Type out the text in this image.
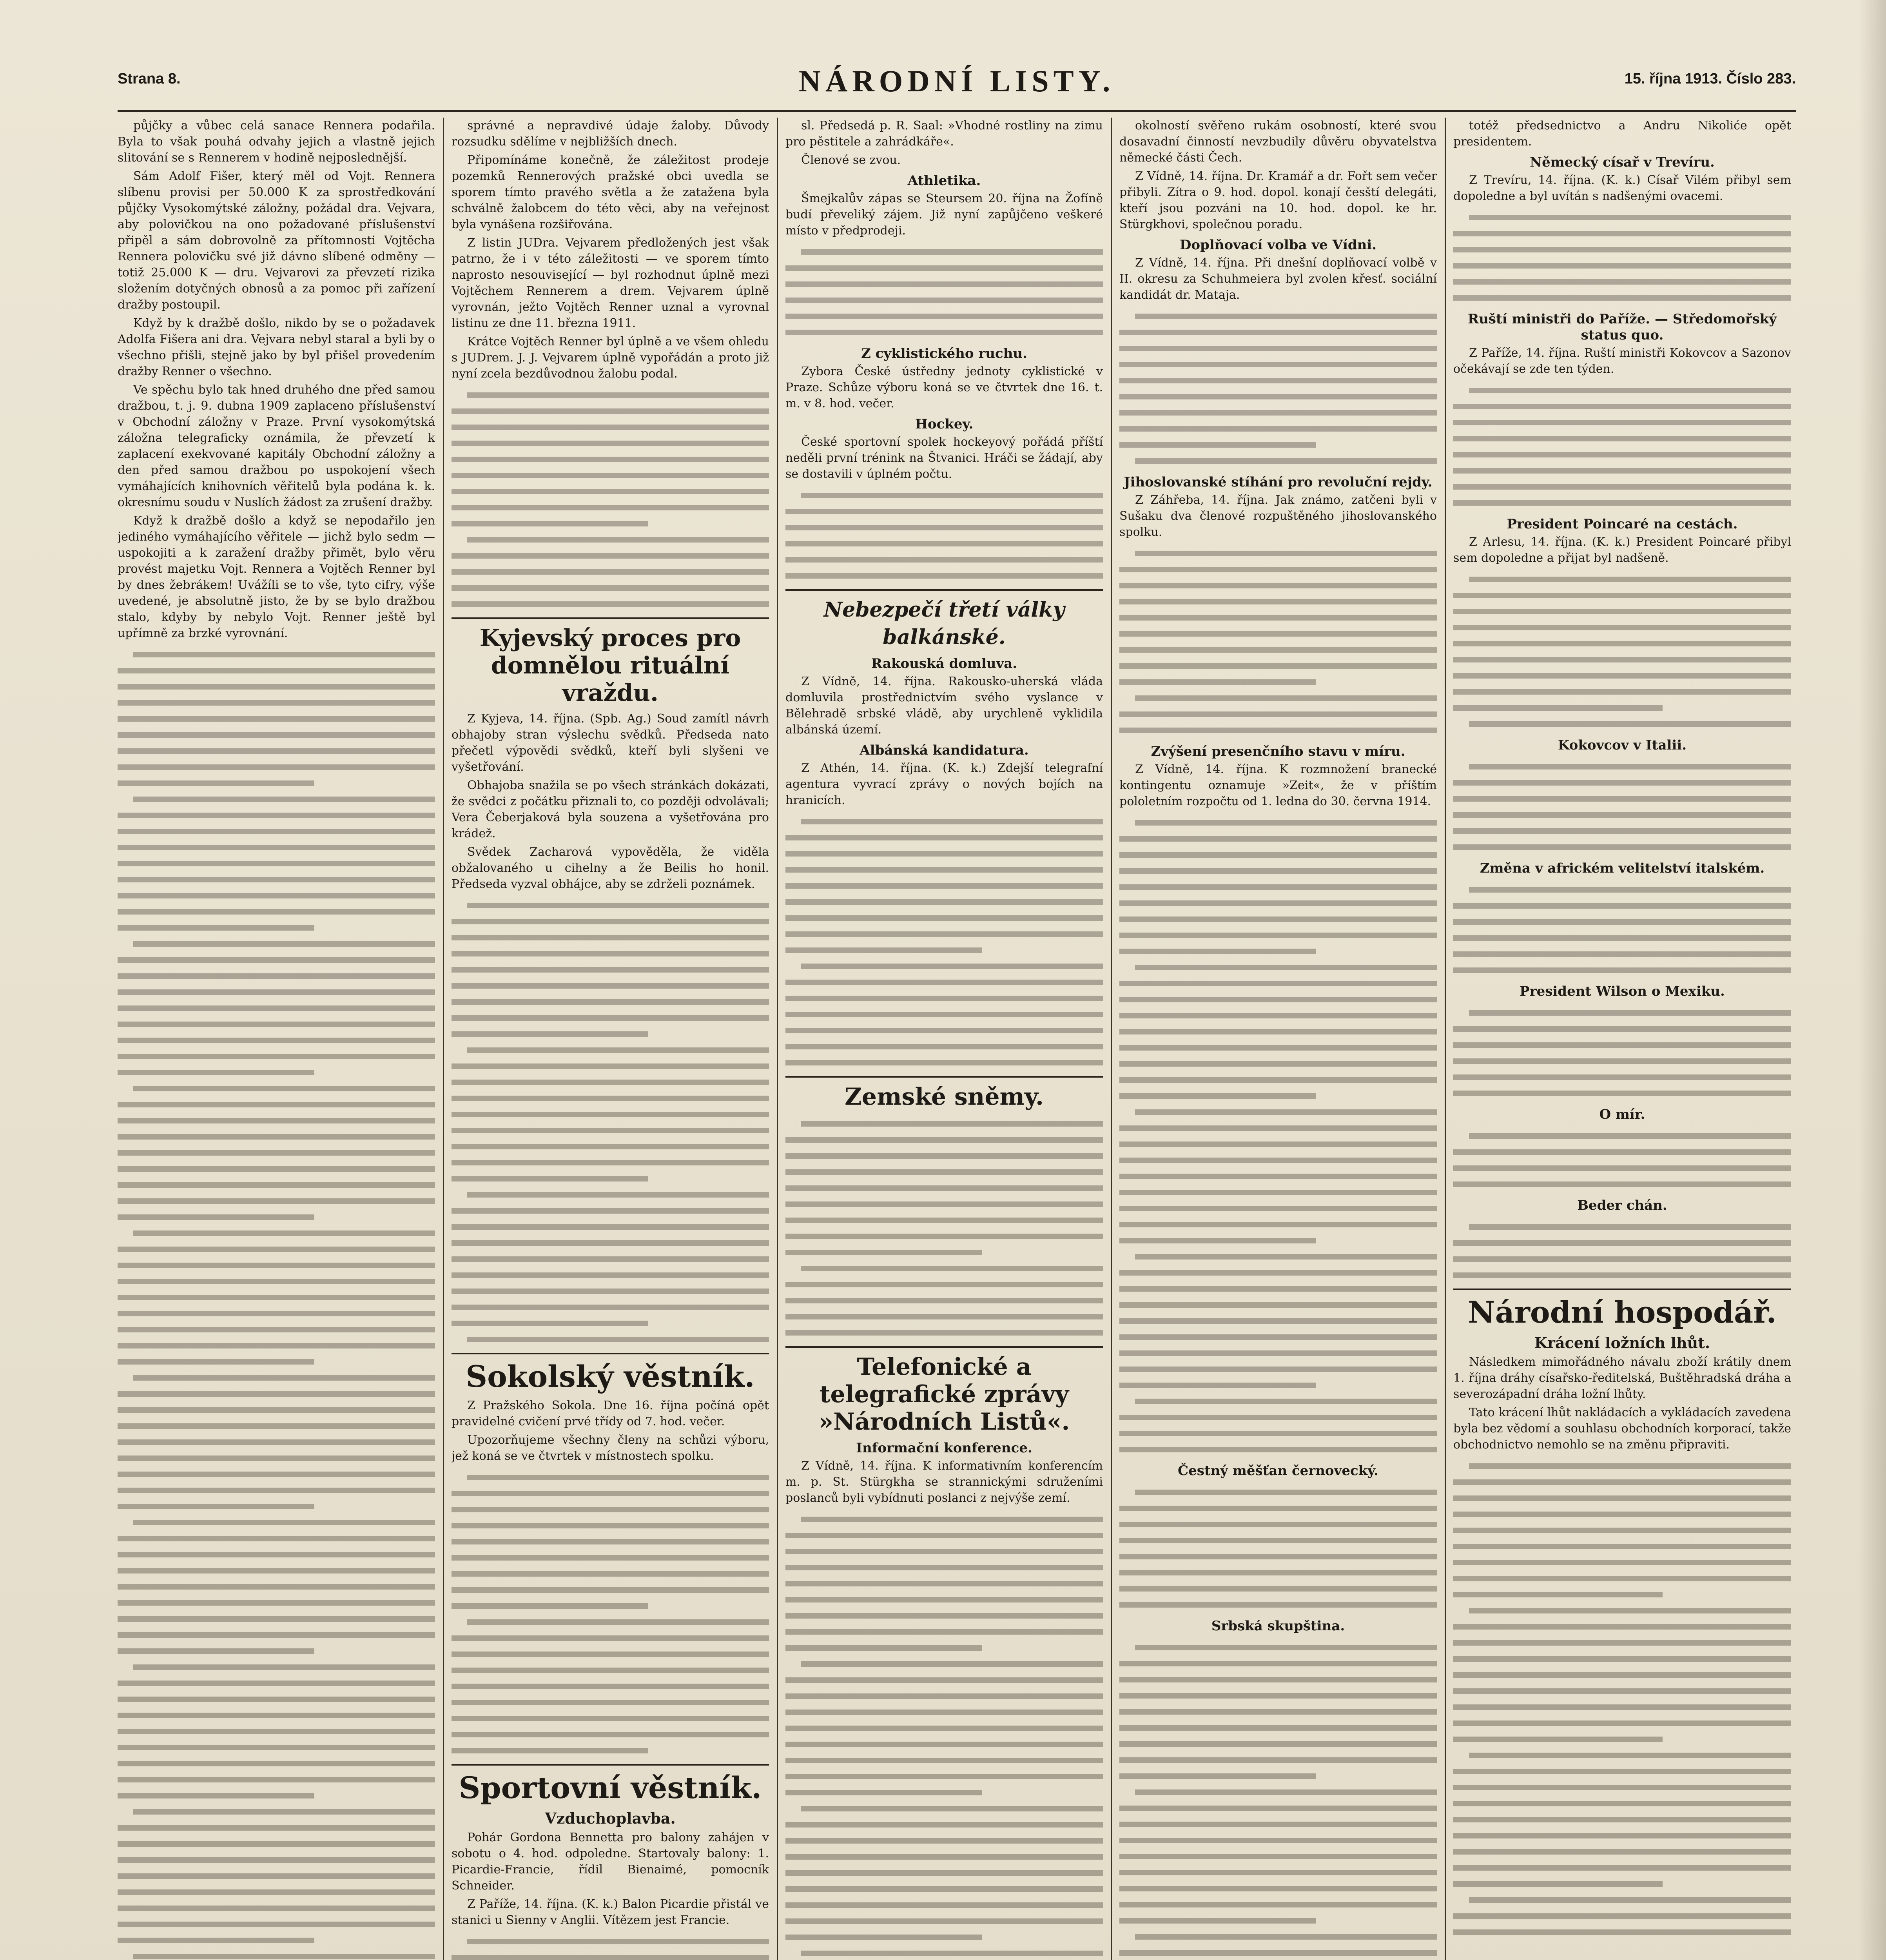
Strana 8.	NÁRODNÍ LISTY.	15. října 1913. Číslo 283.

půjčky a vůbec celá sanace Rennera podařila. Byla to však pouhá odvahy jejich a vlastně jejich slitování se s Rennerem v hodině nejposlednější.

Sám Adolf Fišer, který měl od Vojt. Rennera slíbenu provisi per 50.000 K za sprostředkování půjčky Vysokomýtské záložny, požádal dra. Vejvara, aby polovičkou na ono požadované příslušenství připěl a sám dobrovolně za přítomnosti Vojtěcha Rennera polovičku své již dávno slíbené odměny — totiž 25.000 K — dru. Vejvarovi za převzetí rizika složením dotyčných obnosů a za pomoc při zařízení dražby postoupil.

Když by k dražbě došlo, nikdo by se o požadavek Adolfa Fišera ani dra. Vejvara nebyl staral a byli by o všechno přišli, stejně jako by byl přišel provedením dražby Renner o všechno.

Ve spěchu bylo tak hned druhého dne před samou dražbou, t. j. 9. dubna 1909 zaplaceno příslušenství v Obchodní záložny v Praze. První vysokomýtská záložna telegraficky oznámila, že převzetí k zaplacení exekvované kapitály Obchodní záložny a den před samou dražbou po uspokojení všech vymáhajících knihovních věřitelů byla podána k. k. okresnímu soudu v Nuslích žádost za zrušení dražby.

Když k dražbě došlo a když se nepodařilo jen jediného vymáhajícího věřitele — jichž bylo sedm — uspokojiti a k zaražení dražby přimět, bylo věru provést majetku Vojt. Rennera a Vojtěch Renner byl by dnes žebrákem! Uvážíli se to vše, tyto cifry, výše uvedené, je absolutně jisto, že by se bylo dražbou stalo, kdyby by nebylo Vojt. Renner ještě byl upřímně za brzké vyrovnání.

správné a nepravdivé údaje žaloby. Důvody rozsudku sdělíme v nejbližších dnech.

Připomínáme konečně, že záležitost prodeje pozemků Rennerových pražské obci uvedla se sporem tímto pravého světla a že zatažena byla schválně žalobcem do této věci, aby na veřejnost byla vynášena rozšiřována.

Z listin JUDra. Vejvarem předložených jest však patrno, že i v této záležitosti — ve sporem tímto naprosto nesouvisející — byl rozhodnut úplně mezi Vojtěchem Rennerem a drem. Vejvarem úplně vyrovnán, ježto Vojtěch Renner uznal a vyrovnal listinu ze dne 11. března 1911.

Krátce Vojtěch Renner byl úplně a ve všem ohledu s JUDrem. J. J. Vejvarem úplně vypořádán a proto již nyní zcela bezdůvodnou žalobu podal.

Kyjevský proces pro domnělou rituální vraždu.

Z Kyjeva, 14. října. (Spb. Ag.) Soud zamítl návrh obhajoby stran výslechu svědků. Předseda nato přečetl výpovědi svědků, kteří byli slyšeni ve vyšetřování.

Obhajoba snažila se po všech stránkách dokázati, že svědci z počátku přiznali to, co později odvolávali; Vera Čeberjaková byla souzena a vyšetřována pro krádež.

Svědek Zacharová vypověděla, že viděla obžalovaného u cihelny a že Beilis ho honil. Předseda vyzval obhájce, aby se zdrželi poznámek.

Sokolský věstník.

Z Pražského Sokola. Dne 16. října počíná opět pravidelné cvičení prvé třídy od 7. hod. večer.

Upozorňujeme všechny členy na schůzi výboru, jež koná se ve čtvrtek v místnostech spolku.

Sportovní věstník.
Vzduchoplavba.

Pohár Gordona Bennetta pro balony zahájen v sobotu o 4. hod. odpoledne. Startovaly balony: 1. Picardie-Francie, řídil Bienaimé, pomocník Schneider.

Z Paříže, 14. října. (K. k.) Balon Picardie přistál ve stanici u Sienny v Anglii. Vítězem jest Francie.

sl. Předsedá p. R. Saal: »Vhodné rostliny na zimu pro pěstitele a zahrádkáře«.

Členové se zvou.

Athletika.

Šmejkalův zápas se Steursem 20. října na Žofíně budí převeliký zájem. Již nyní zapůjčeno veškeré místo v předprodeji.

Z cyklistického ruchu.

Zybora České ústředny jednoty cyklistické v Praze. Schůze výboru koná se ve čtvrtek dne 16. t. m. v 8. hod. večer.

Hockey.

České sportovní spolek hockeyový pořádá příští neděli první trénink na Štvanici. Hráči se žádají, aby se dostavili v úplném počtu.

Nebezpečí třetí války balkánské.
Rakouská domluva.

Z Vídně, 14. října. Rakousko-uherská vláda domluvila prostřednictvím svého vyslance v Bělehradě srbské vládě, aby urychleně vyklidila albánská území.

Albánská kandidatura.

Z Athén, 14. října. (K. k.) Zdejší telegrafní agentura vyvrací zprávy o nových bojích na hranicích.

Zemské sněmy.
Telefonické a telegrafické zprávy »Národních Listů«.
Informační konference.

Z Vídně, 14. října. K informativním konferencím m. p. St. Stürgkha se strannickými sdruženími poslanců byli vybídnuti poslanci z nejvýše zemí.

okolností svěřeno rukám osobností, které svou dosavadní činností nevzbudily důvěru obyvatelstva německé části Čech.

Z Vídně, 14. října. Dr. Kramář a dr. Fořt sem večer přibyli. Zítra o 9. hod. dopol. konají česští delegáti, kteří jsou pozváni na 10. hod. dopol. ke hr. Stürgkhovi, společnou poradu.

Doplňovací volba ve Vídni.

Z Vídně, 14. října. Při dnešní doplňovací volbě v II. okresu za Schuhmeiera byl zvolen křesť. sociální kandidát dr. Mataja.

Jihoslovanské stíhání pro revoluční rejdy.

Z Záhřeba, 14. října. Jak známo, zatčeni byli v Sušaku dva členové rozpuštěného jihoslovanského spolku.

Zvýšení presenčního stavu v míru.

Z Vídně, 14. října. K rozmnožení branecké kontingentu oznamuje »Zeit«, že v příštím pololetním rozpočtu od 1. ledna do 30. června 1914.

Čestný měšťan černovecký.
Srbská skupština.

totéž předsednictvo a Andru Nikoliće opět presidentem.

Německý císař v Trevíru.

Z Trevíru, 14. října. (K. k.) Císař Vilém přibyl sem dopoledne a byl uvítán s nadšenými ovacemi.

Ruští ministři do Paříže. — Středomořský status quo.

Z Paříže, 14. října. Ruští ministři Kokovcov a Sazonov očekávají se zde ten týden.

President Poincaré na cestách.

Z Arlesu, 14. října. (K. k.) President Poincaré přibyl sem dopoledne a přijat byl nadšeně.

Kokovcov v Italii.
Změna v africkém velitelství italském.
President Wilson o Mexiku.
O mír.
Beder chán.
Národní hospodář.
Krácení ložních lhůt.

Následkem mimořádného návalu zboží krátily dnem 1. října dráhy císařsko-ředitelská, Buštěhradská dráha a severozápadní dráha ložní lhůty.

Tato krácení lhůt nakládacích a vykládacích zavedena byla bez vědomí a souhlasu obchodních korporací, takže obchodnictvo nemohlo se na změnu připraviti.
